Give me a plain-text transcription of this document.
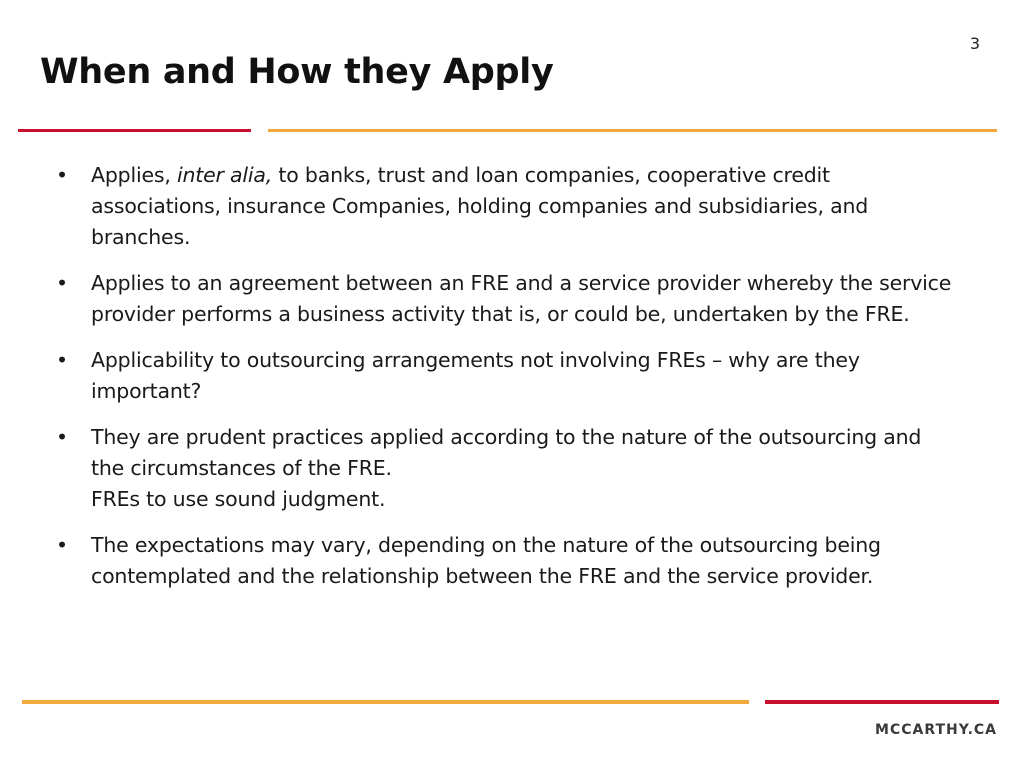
3
When and How they Apply
•	Applies, inter alia, to banks, trust and loan companies, cooperative credit associations, insurance Companies, holding companies and subsidiaries, and branches.
•	Applies to an agreement between an FRE and a service provider whereby the service provider performs a business activity that is, or could be, undertaken by the FRE.
•	Applicability to outsourcing arrangements not involving FREs – why are they important?
•	They are prudent practices applied according to the nature of the outsourcing and the circumstances of the FRE.
FREs to use sound judgment.
•	The expectations may vary, depending on the nature of the outsourcing being contemplated and the relationship between the FRE and the service provider.
MCCARTHY.CA
